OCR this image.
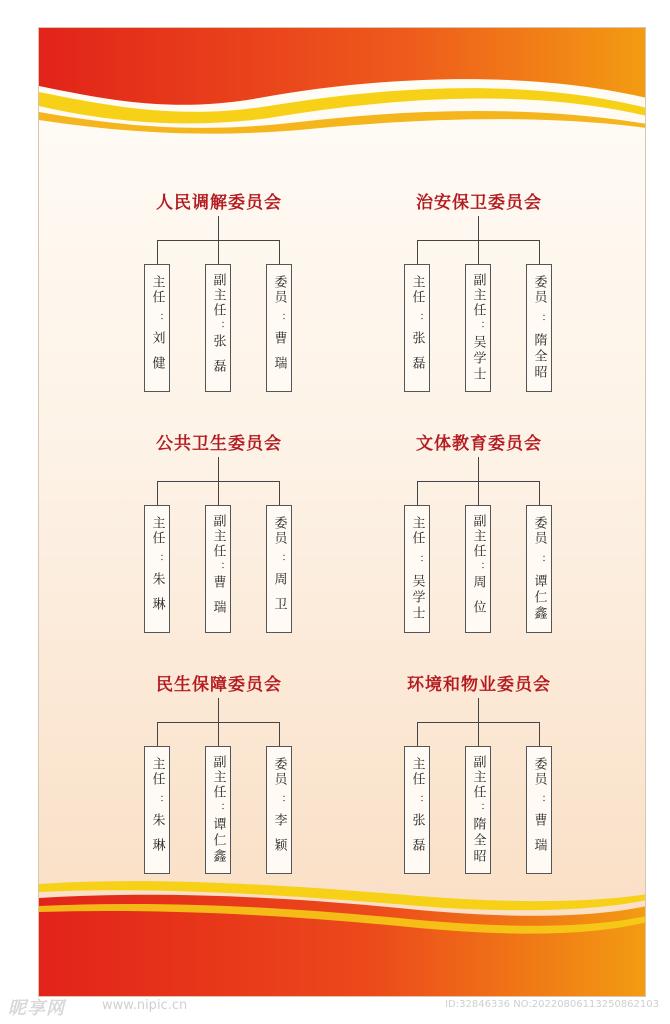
人民调解委员会
主任
：
刘健
副主任
：
张磊
委员
：
曹瑞
治安保卫委员会
主任
：
张磊
副主任
：
吴学士
委员
：
隋全昭
公共卫生委员会
主任
：
朱琳
副主任
：
曹瑞
委员
：
周卫
文体教育委员会
主任
：
吴学士
副主任
：
周位
委员
：
谭仁鑫
民生保障委员会
主任
：
朱琳
副主任
：
谭仁鑫
委员
：
李颖
环境和物业委员会
主任
：
张磊
副主任
：
隋全昭
委员
：
曹瑞
昵享网	www.nipic.cn	ID:32846336 NO:20220806113250862103
